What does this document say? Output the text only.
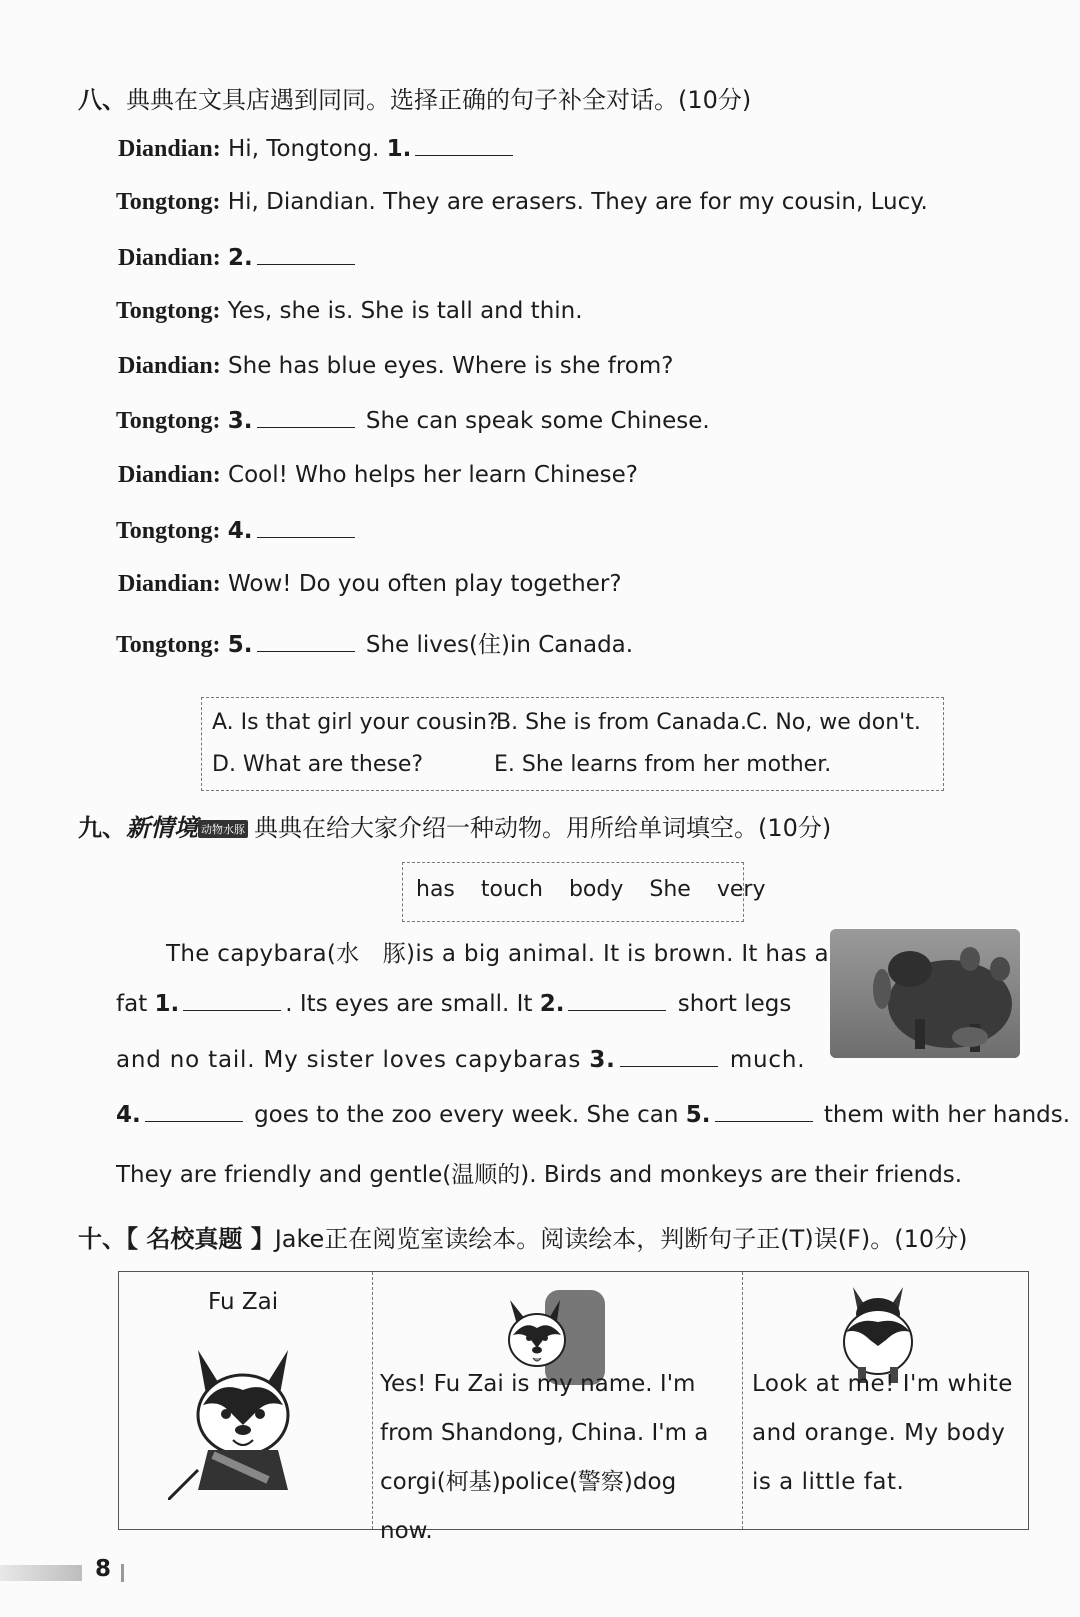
八、典典在文具店遇到同同。选择正确的句子补全对话。(10分)
Diandian: Hi, Tongtong. 1.
Tongtong: Hi, Diandian. They are erasers. They are for my cousin, Lucy.
Diandian: 2.
Tongtong: Yes, she is. She is tall and thin.
Diandian: She has blue eyes. Where is she from?
Tongtong: 3.	She can speak some Chinese.
Diandian: Cool! Who helps her learn Chinese?
Tongtong: 4.
Diandian: Wow! Do you often play together?
Tongtong: 5.	She lives(住)in Canada.
A. Is that girl your cousin?
B. She is from Canada. C. No, we don't.
D. What are these?	E. She learns from her mother.
九、新情境 动物水豚 典典在给大家介绍一种动物。用所给单词填空。(10分)
has touch body She very
The capybara(水　豚)is a big animal. It is brown. It has a
fat 1.	. Its eyes are small. It 2.	short legs
and no tail. My sister loves capybaras 3.	much.
4.	goes to the zoo every week. She can 5.	them with her hands.
They are friendly and gentle(温顺的). Birds and monkeys are their friends.
十、【 名校真题 】Jake正在阅览室读绘本。阅读绘本，判断句子正(T)误(F)。(10分)
Fu Zai
Yes! Fu Zai is my name. I'm from Shandong, China. I'm a corgi(柯基)police(警察)dog now.
Look at me! I'm white and orange. My body is a little fat.
8
